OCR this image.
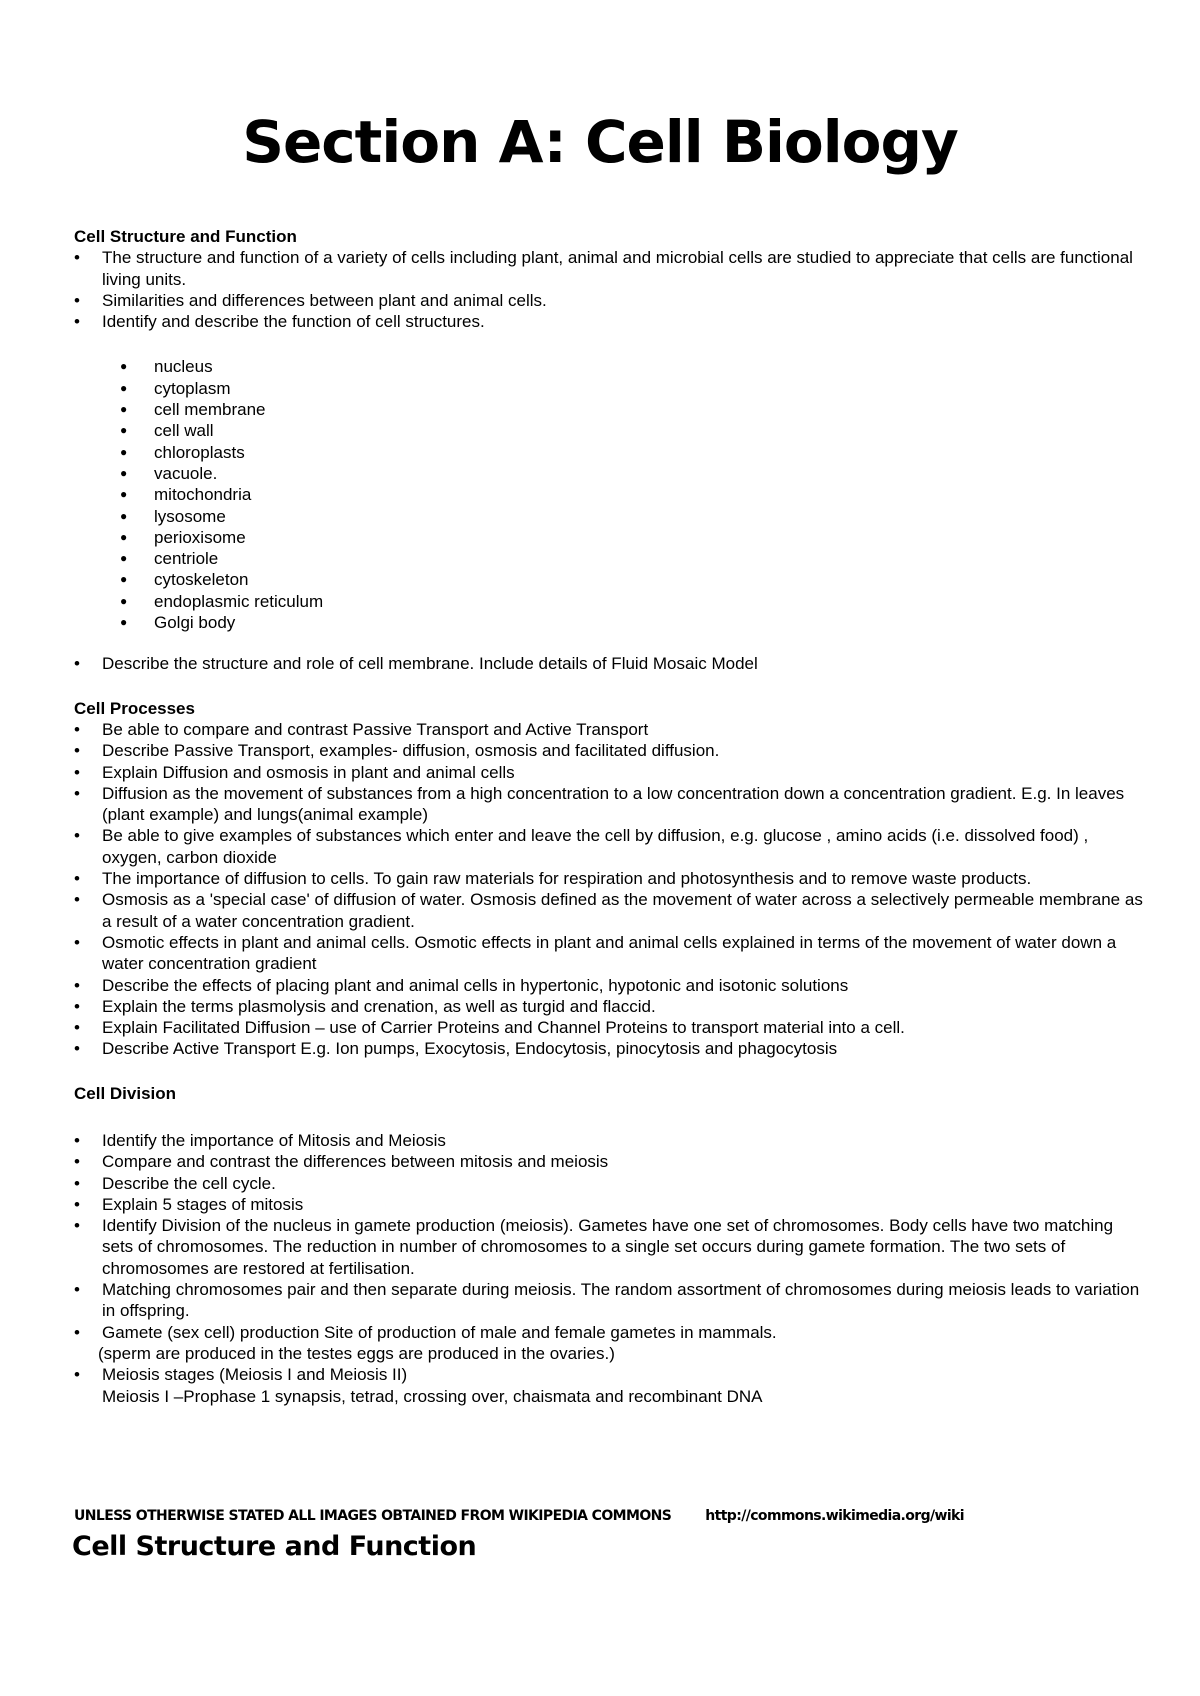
Section A: Cell Biology
Cell Structure and Function
• The structure and function of a variety of cells including plant, animal and microbial cells are studied to appreciate that cells are functional living units.
• Similarities and differences between plant and animal cells.
• Identify and describe the function of cell structures.
● nucleus
● cytoplasm
● cell membrane
● cell wall
● chloroplasts
● vacuole.
● mitochondria
● lysosome
● perioxisome
● centriole
● cytoskeleton
● endoplasmic reticulum
● Golgi body
• Describe the structure and role of cell membrane. Include details of Fluid Mosaic Model
Cell Processes
• Be able to compare and contrast Passive Transport and Active Transport
• Describe Passive Transport, examples- diffusion, osmosis and facilitated diffusion.
• Explain Diffusion and osmosis in plant and animal cells
• Diffusion as the movement of substances from a high concentration to a low concentration down a concentration gradient. E.g. In leaves (plant example) and lungs(animal example)
• Be able to give examples of substances which enter and leave the cell by diffusion, e.g. glucose , amino acids (i.e. dissolved food) , oxygen, carbon dioxide
• The importance of diffusion to cells. To gain raw materials for respiration and photosynthesis and to remove waste products.
• Osmosis as a 'special case' of diffusion of water. Osmosis defined as the movement of water across a selectively permeable membrane as a result of a water concentration gradient.
• Osmotic effects in plant and animal cells. Osmotic effects in plant and animal cells explained in terms of the movement of water down a water concentration gradient
• Describe the effects of placing plant and animal cells in hypertonic, hypotonic and isotonic solutions
• Explain the terms plasmolysis and crenation, as well as turgid and flaccid.
• Explain Facilitated Diffusion – use of Carrier Proteins and Channel Proteins to transport material into a cell.
• Describe Active Transport E.g. Ion pumps, Exocytosis, Endocytosis, pinocytosis and phagocytosis
Cell Division
• Identify the importance of Mitosis and Meiosis
• Compare and contrast the differences between mitosis and meiosis
• Describe the cell cycle.
• Explain 5 stages of mitosis
• Identify Division of the nucleus in gamete production (meiosis). Gametes have one set of chromosomes. Body cells have two matching sets of chromosomes. The reduction in number of chromosomes to a single set occurs during gamete formation. The two sets of chromosomes are restored at fertilisation.
• Matching chromosomes pair and then separate during meiosis. The random assortment of chromosomes during meiosis leads to variation in offspring.
• Gamete (sex cell) production Site of production of male and female gametes in mammals.
(sperm are produced in the testes eggs are produced in the ovaries.)
• Meiosis stages (Meiosis I and Meiosis II)
Meiosis I –Prophase 1 synapsis, tetrad, crossing over, chaismata and recombinant DNA
UNLESS OTHERWISE STATED ALL IMAGES OBTAINED FROM WIKIPEDIA COMMONS http://commons.wikimedia.org/wiki
Cell Structure and Function
